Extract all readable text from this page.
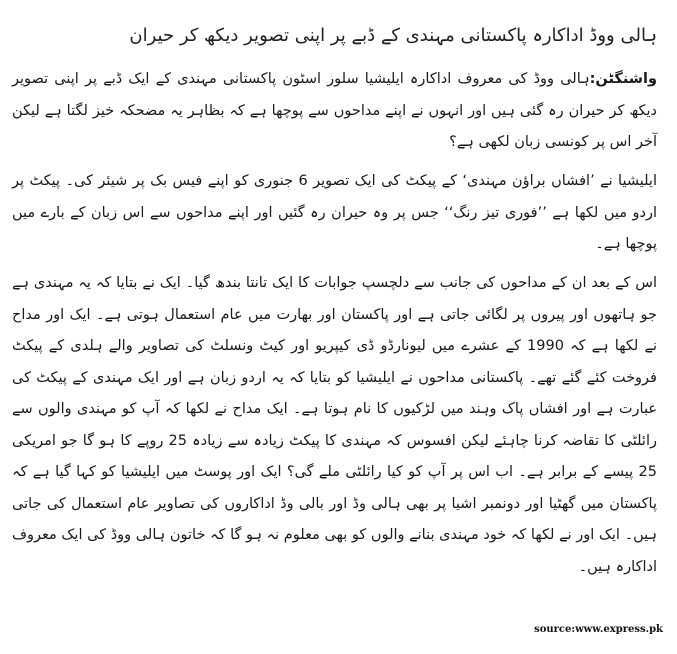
ہالی ووڈ اداکارہ پاکستانی مہندی کے ڈبے پر اپنی تصویر دیکھ کر حیران

واشنگٹن:ہالی ووڈ کی معروف اداکارہ ایلیشیا سلور اسٹون پاکستانی مہندی کے ایک ڈبے پر اپنی تصویر دیکھ کر حیران رہ گئی ہیں اور انہوں نے اپنے مداحوں سے پوچھا ہے کہ بظاہر یہ مضحکہ خیز لگتا ہے لیکن آخر اس پر کونسی زبان لکھی ہے؟

ایلیشیا نے ’افشاں براؤن مہندی‘ کے پیکٹ کی ایک تصویر 6 جنوری کو اپنے فیس بک پر شیئر کی۔ پیکٹ پر اردو میں لکھا ہے ’’فوری تیز رنگ‘‘ جس پر وہ حیران رہ گئیں اور اپنے مداحوں سے اس زبان کے بارے میں پوچھا ہے۔

اس کے بعد ان کے مداحوں کی جانب سے دلچسپ جوابات کا ایک تانتا بندھ گیا۔ ایک نے بتایا کہ یہ مہندی ہے جو ہاتھوں اور پیروں پر لگائی جاتی ہے اور پاکستان اور بھارت میں عام استعمال ہوتی ہے۔ ایک اور مداح نے لکھا ہے کہ 1990 کے عشرے میں لیونارڈو ڈی کیپریو اور کیٹ ونسلٹ کی تصاویر والے ہلدی کے پیکٹ فروخت کئے گئے تھے۔ پاکستانی مداحوں نے ایلیشیا کو بتایا کہ یہ اردو زبان ہے اور ایک مہندی کے پیکٹ کی عبارت ہے اور افشاں پاک وہند میں لڑکیوں کا نام ہوتا ہے۔ ایک مداح نے لکھا کہ آپ کو مہندی والوں سے رائلٹی کا تقاضہ کرنا چاہئے لیکن افسوس کہ مہندی کا پیکٹ زیادہ سے زیادہ 25 روپے کا ہو گا جو امریکی 25 پیسے کے برابر ہے۔ اب اس پر آپ کو کیا رائلٹی ملے گی؟ ایک اور پوسٹ میں ایلیشیا کو کہا گیا ہے کہ پاکستان میں گھٹیا اور دونمبر اشیا پر بھی ہالی وڈ اور بالی وڈ اداکاروں کی تصاویر عام استعمال کی جاتی ہیں۔ ایک اور نے لکھا کہ خود مہندی بنانے والوں کو بھی معلوم نہ ہو گا کہ خاتون ہالی ووڈ کی ایک معروف اداکارہ ہیں۔

source:www.express.pk
